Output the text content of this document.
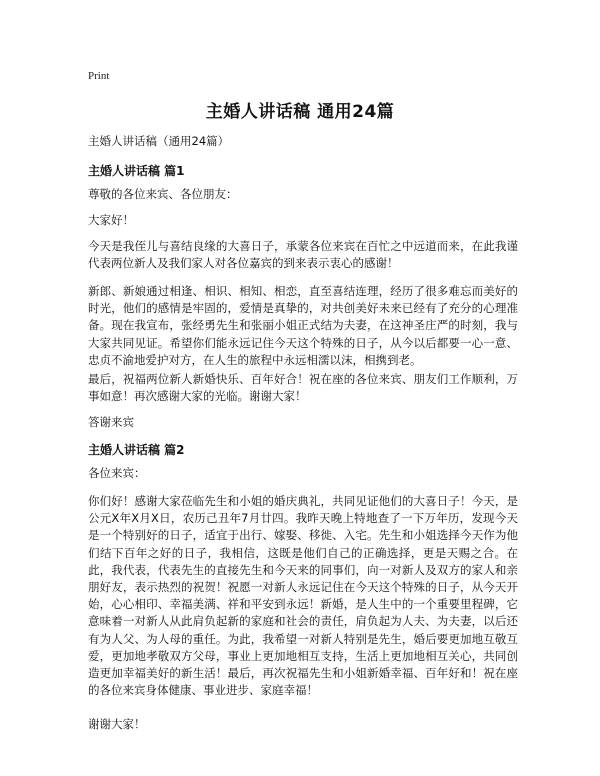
Print
主婚人讲话稿 通用24篇

主婚人讲话稿（通用24篇）

主婚人讲话稿 篇1

尊敬的各位来宾、各位朋友：

大家好！

今天是我侄儿与喜结良缘的大喜日子，承蒙各位来宾在百忙之中远道而来，在此我谨代表两位新人及我们家人对各位嘉宾的到来表示衷心的感谢！

新郎、新娘通过相逢、相识、相知、相恋，直至喜结连理，经历了很多难忘而美好的时光，他们的感情是牢固的，爱情是真挚的，对共创美好未来已经有了充分的心理准备。现在我宣布，张经勇先生和张丽小姐正式结为夫妻，在这神圣庄严的时刻，我与大家共同见证。希望你们能永远记住今天这个特殊的日子，从今以后都要一心一意、忠贞不渝地爱护对方，在人生的旅程中永远相濡以沫，相携到老。

最后，祝福两位新人新婚快乐、百年好合！祝在座的各位来宾、朋友们工作顺利，万事如意！再次感谢大家的光临。谢谢大家！

答谢来宾

主婚人讲话稿 篇2

各位来宾：

你们好！感谢大家莅临先生和小姐的婚庆典礼，共同见证他们的大喜日子！今天，是公元X年X月X日，农历己丑年7月廿四。我昨天晚上特地查了一下万年历，发现今天是一个特别好的日子，适宜于出行、嫁娶、移徙、入宅。先生和小姐选择今天作为他们结下百年之好的日子，我相信，这既是他们自己的正确选择，更是天赐之合。在此，我代表，代表先生的直接先生和今天来的同事们，向一对新人及双方的家人和亲朋好友，表示热烈的祝贺！祝愿一对新人永远记住在今天这个特殊的日子，从今天开始，心心相印、幸福美满、祥和平安到永远！新婚，是人生中的一个重要里程碑，它意味着一对新人从此肩负起新的家庭和社会的责任，肩负起为人夫、为夫妻，以后还有为人父、为人母的重任。为此，我希望一对新人特别是先生，婚后要更加地互敬互爱，更加地孝敬双方父母，事业上更加地相互支持，生活上更加地相互关心，共同创造更加幸福美好的新生活！最后，再次祝福先生和小姐新婚幸福、百年好和！祝在座的各位来宾身体健康、事业进步、家庭幸福！

谢谢大家！
